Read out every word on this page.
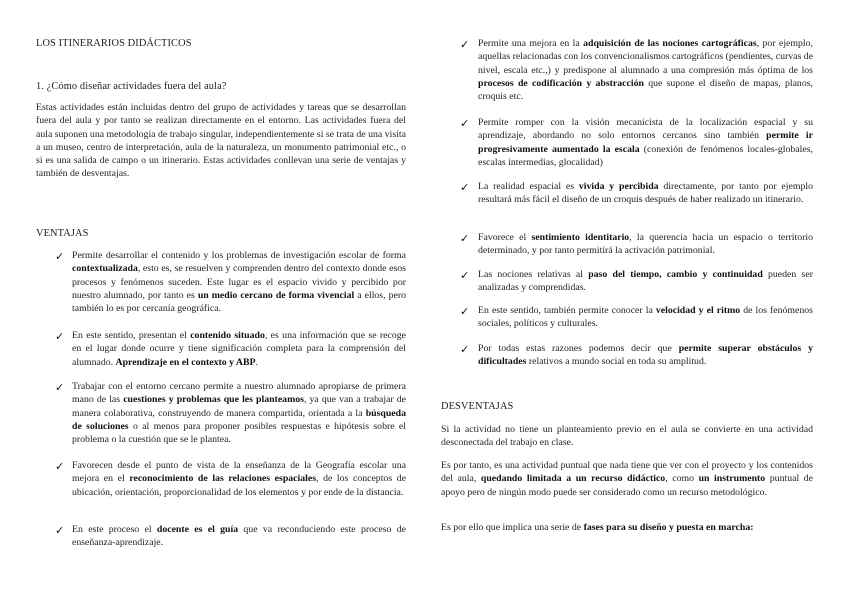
LOS ITINERARIOS DIDÁCTICOS
1. ¿Cómo diseñar actividades fuera del aula?

Estas actividades están incluidas dentro del grupo de actividades y tareas que se desarrollan fuera del aula y por tanto se realizan directamente en el entorno. Las actividades fuera del aula suponen una metodología de trabajo singular, independientemente si se trata de una visita a un museo, centro de interpretación, aula de la naturaleza, un monumento patrimonial etc., o si es una salida de campo o un itinerario. Estas actividades conllevan una serie de ventajas y también de desventajas.

VENTAJAS
✓ Permite desarrollar el contenido y los problemas de investigación escolar de forma contextualizada, esto es, se resuelven y comprenden dentro del contexto donde esos procesos y fenómenos suceden. Este lugar es el espacio vivido y percibido por nuestro alumnado, por tanto es un medio cercano de forma vivencial a ellos, pero también lo es por cercanía geográfica.

✓ En este sentido, presentan el contenido situado, es una información que se recoge en el lugar donde ocurre y tiene significación completa para la comprensión del alumnado. Aprendizaje en el contexto y ABP.

✓ Trabajar con el entorno cercano permite a nuestro alumnado apropiarse de primera mano de las cuestiones y problemas que les planteamos, ya que van a trabajar de manera colaborativa, construyendo de manera compartida, orientada a la búsqueda de soluciones o al menos para proponer posibles respuestas e hipótesis sobre el problema o la cuestión que se le plantea.

✓ Favorecen desde el punto de vista de la enseñanza de la Geografía escolar una mejora en el reconocimiento de las relaciones espaciales, de los conceptos de ubicación, orientación, proporcionalidad de los elementos y por ende de la distancia.

✓ En este proceso el docente es el guía que va reconduciendo este proceso de enseñanza-aprendizaje.

✓ Permite una mejora en la adquisición de las nociones cartográficas, por ejemplo, aquellas relacionadas con los convencionalismos cartográficos (pendientes, curvas de nivel, escala etc.,) y predispone al alumnado a una compresión más óptima de los procesos de codificación y abstracción que supone el diseño de mapas, planos, croquis etc.

✓ Permite romper con la visión mecanicista de la localización espacial y su aprendizaje, abordando no solo entornos cercanos sino también permite ir progresivamente aumentado la escala (conexión de fenómenos locales-globales, escalas intermedias, glocalidad)

✓ La realidad espacial es vivida y percibida directamente, por tanto por ejemplo resultará más fácil el diseño de un croquis después de haber realizado un itinerario.

✓ Favorece el sentimiento identitario, la querencia hacia un espacio o territorio determinado, y por tanto permitirá la activación patrimonial.

✓ Las nociones relativas al paso del tiempo, cambio y continuidad pueden ser analizadas y comprendidas.

✓ En este sentido, también permite conocer la velocidad y el ritmo de los fenómenos sociales, políticos y culturales.

✓ Por todas estas razones podemos decir que permite superar obstáculos y dificultades relativos a mundo social en toda su amplitud.

DESVENTAJAS

Si la actividad no tiene un planteamiento previo en el aula se convierte en una actividad desconectada del trabajo en clase.

Es por tanto, es una actividad puntual que nada tiene que ver con el proyecto y los contenidos del aula, quedando limitada a un recurso didáctico, como un instrumento puntual de apoyo pero de ningún modo puede ser considerado como un recurso metodológico.

Es por ello que implica una serie de fases para su diseño y puesta en marcha:
